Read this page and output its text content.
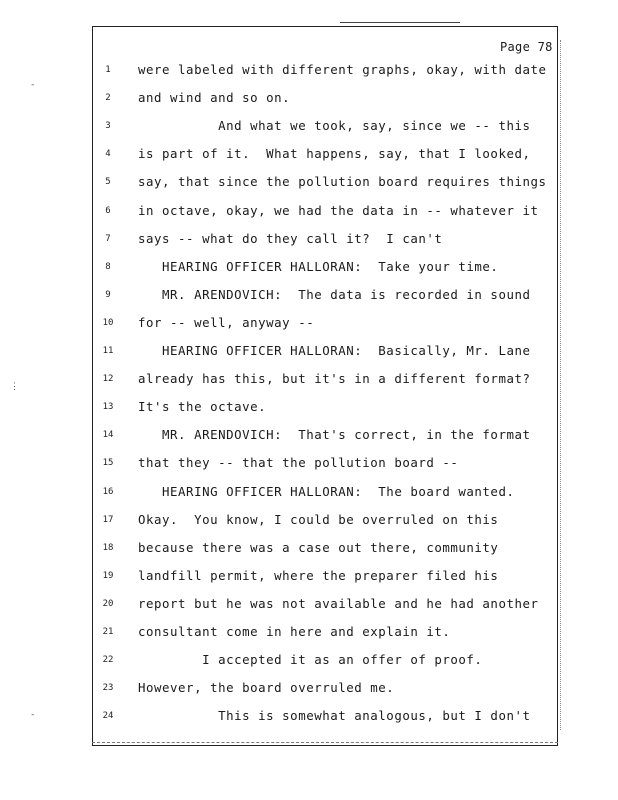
Page 78
1	were labeled with different graphs, okay, with date
2	and wind and so on.
3	And what we took, say, since we -- this
4	is part of it.  What happens, say, that I looked,
5	say, that since the pollution board requires things
6	in octave, okay, we had the data in -- whatever it
7	says -- what do they call it?  I can't
8	HEARING OFFICER HALLORAN:  Take your time.
9	MR. ARENDOVICH:  The data is recorded in sound
10	for -- well, anyway --
11	HEARING OFFICER HALLORAN:  Basically, Mr. Lane
12	already has this, but it's in a different format?
13	It's the octave.
14	MR. ARENDOVICH:  That's correct, in the format
15	that they -- that the pollution board --
16	HEARING OFFICER HALLORAN:  The board wanted.
17	Okay.  You know, I could be overruled on this
18	because there was a case out there, community
19	landfill permit, where the preparer filed his
20	report but he was not available and he had another
21	consultant come in here and explain it.
22	I accepted it as an offer of proof.
23	However, the board overruled me.
24	This is somewhat analogous, but I don't
⋮
-
-
